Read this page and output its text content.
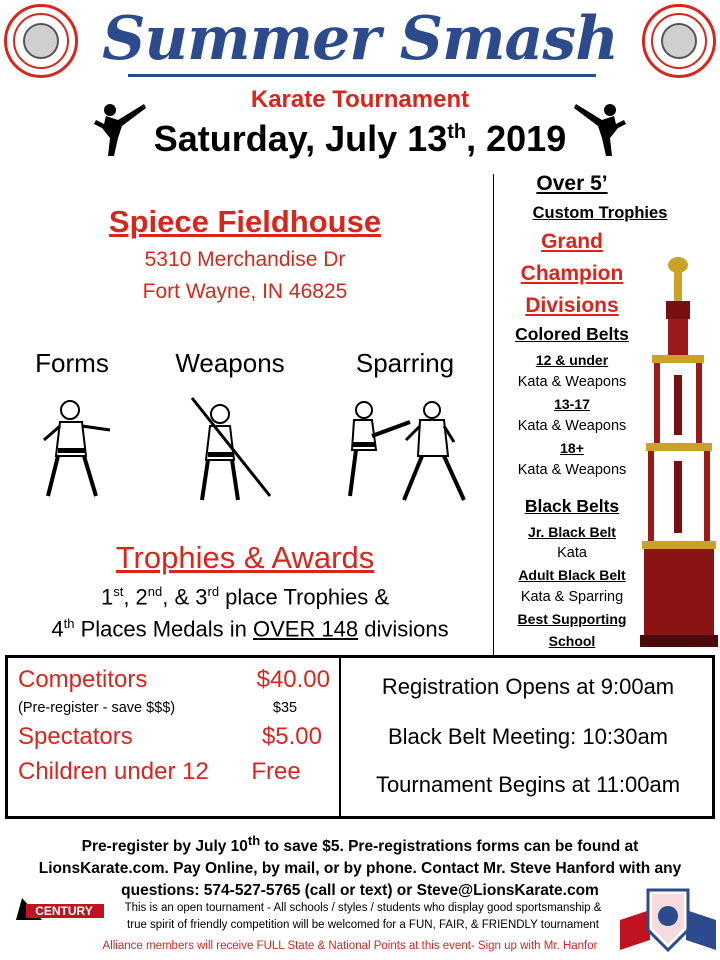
Summer Smash
Karate Tournament
Saturday, July 13th, 2019
Spiece Fieldhouse
5310 Merchandise Dr
Fort Wayne, IN 46825
Forms	Weapons	Sparring
Trophies & Awards
1st, 2nd, & 3rd place Trophies &
4th Places Medals in OVER 148 divisions
Over 5’
Custom Trophies
Grand
Champion
Divisions
Colored Belts
12 & under
Kata & Weapons
13-17
Kata & Weapons
18+
Kata & Weapons
Black Belts
Jr. Black Belt
Kata
Adult Black Belt
Kata & Sparring
Best Supporting
School
Competitors	$40.00
(Pre-register - save $$$)	$35
Spectators	$5.00
Children under 12	Free
Registration Opens at 9:00am
Black Belt Meeting: 10:30am
Tournament Begins at 11:00am
Pre-register by July 10th to save $5. Pre-registrations forms can be found at
LionsKarate.com. Pay Online, by mail, or by phone. Contact Mr. Steve Hanford with any
questions: 574-527-5765 (call or text) or Steve@LionsKarate.com
CENTURY	This is an open tournament - All schools / styles / students who display good sportsmanship &
true spirit of friendly competition will be welcomed for a FUN, FAIR, & FRIENDLY tournament
Alliance members will receive FULL State & National Points at this event- Sign up with Mr. Hanfor
